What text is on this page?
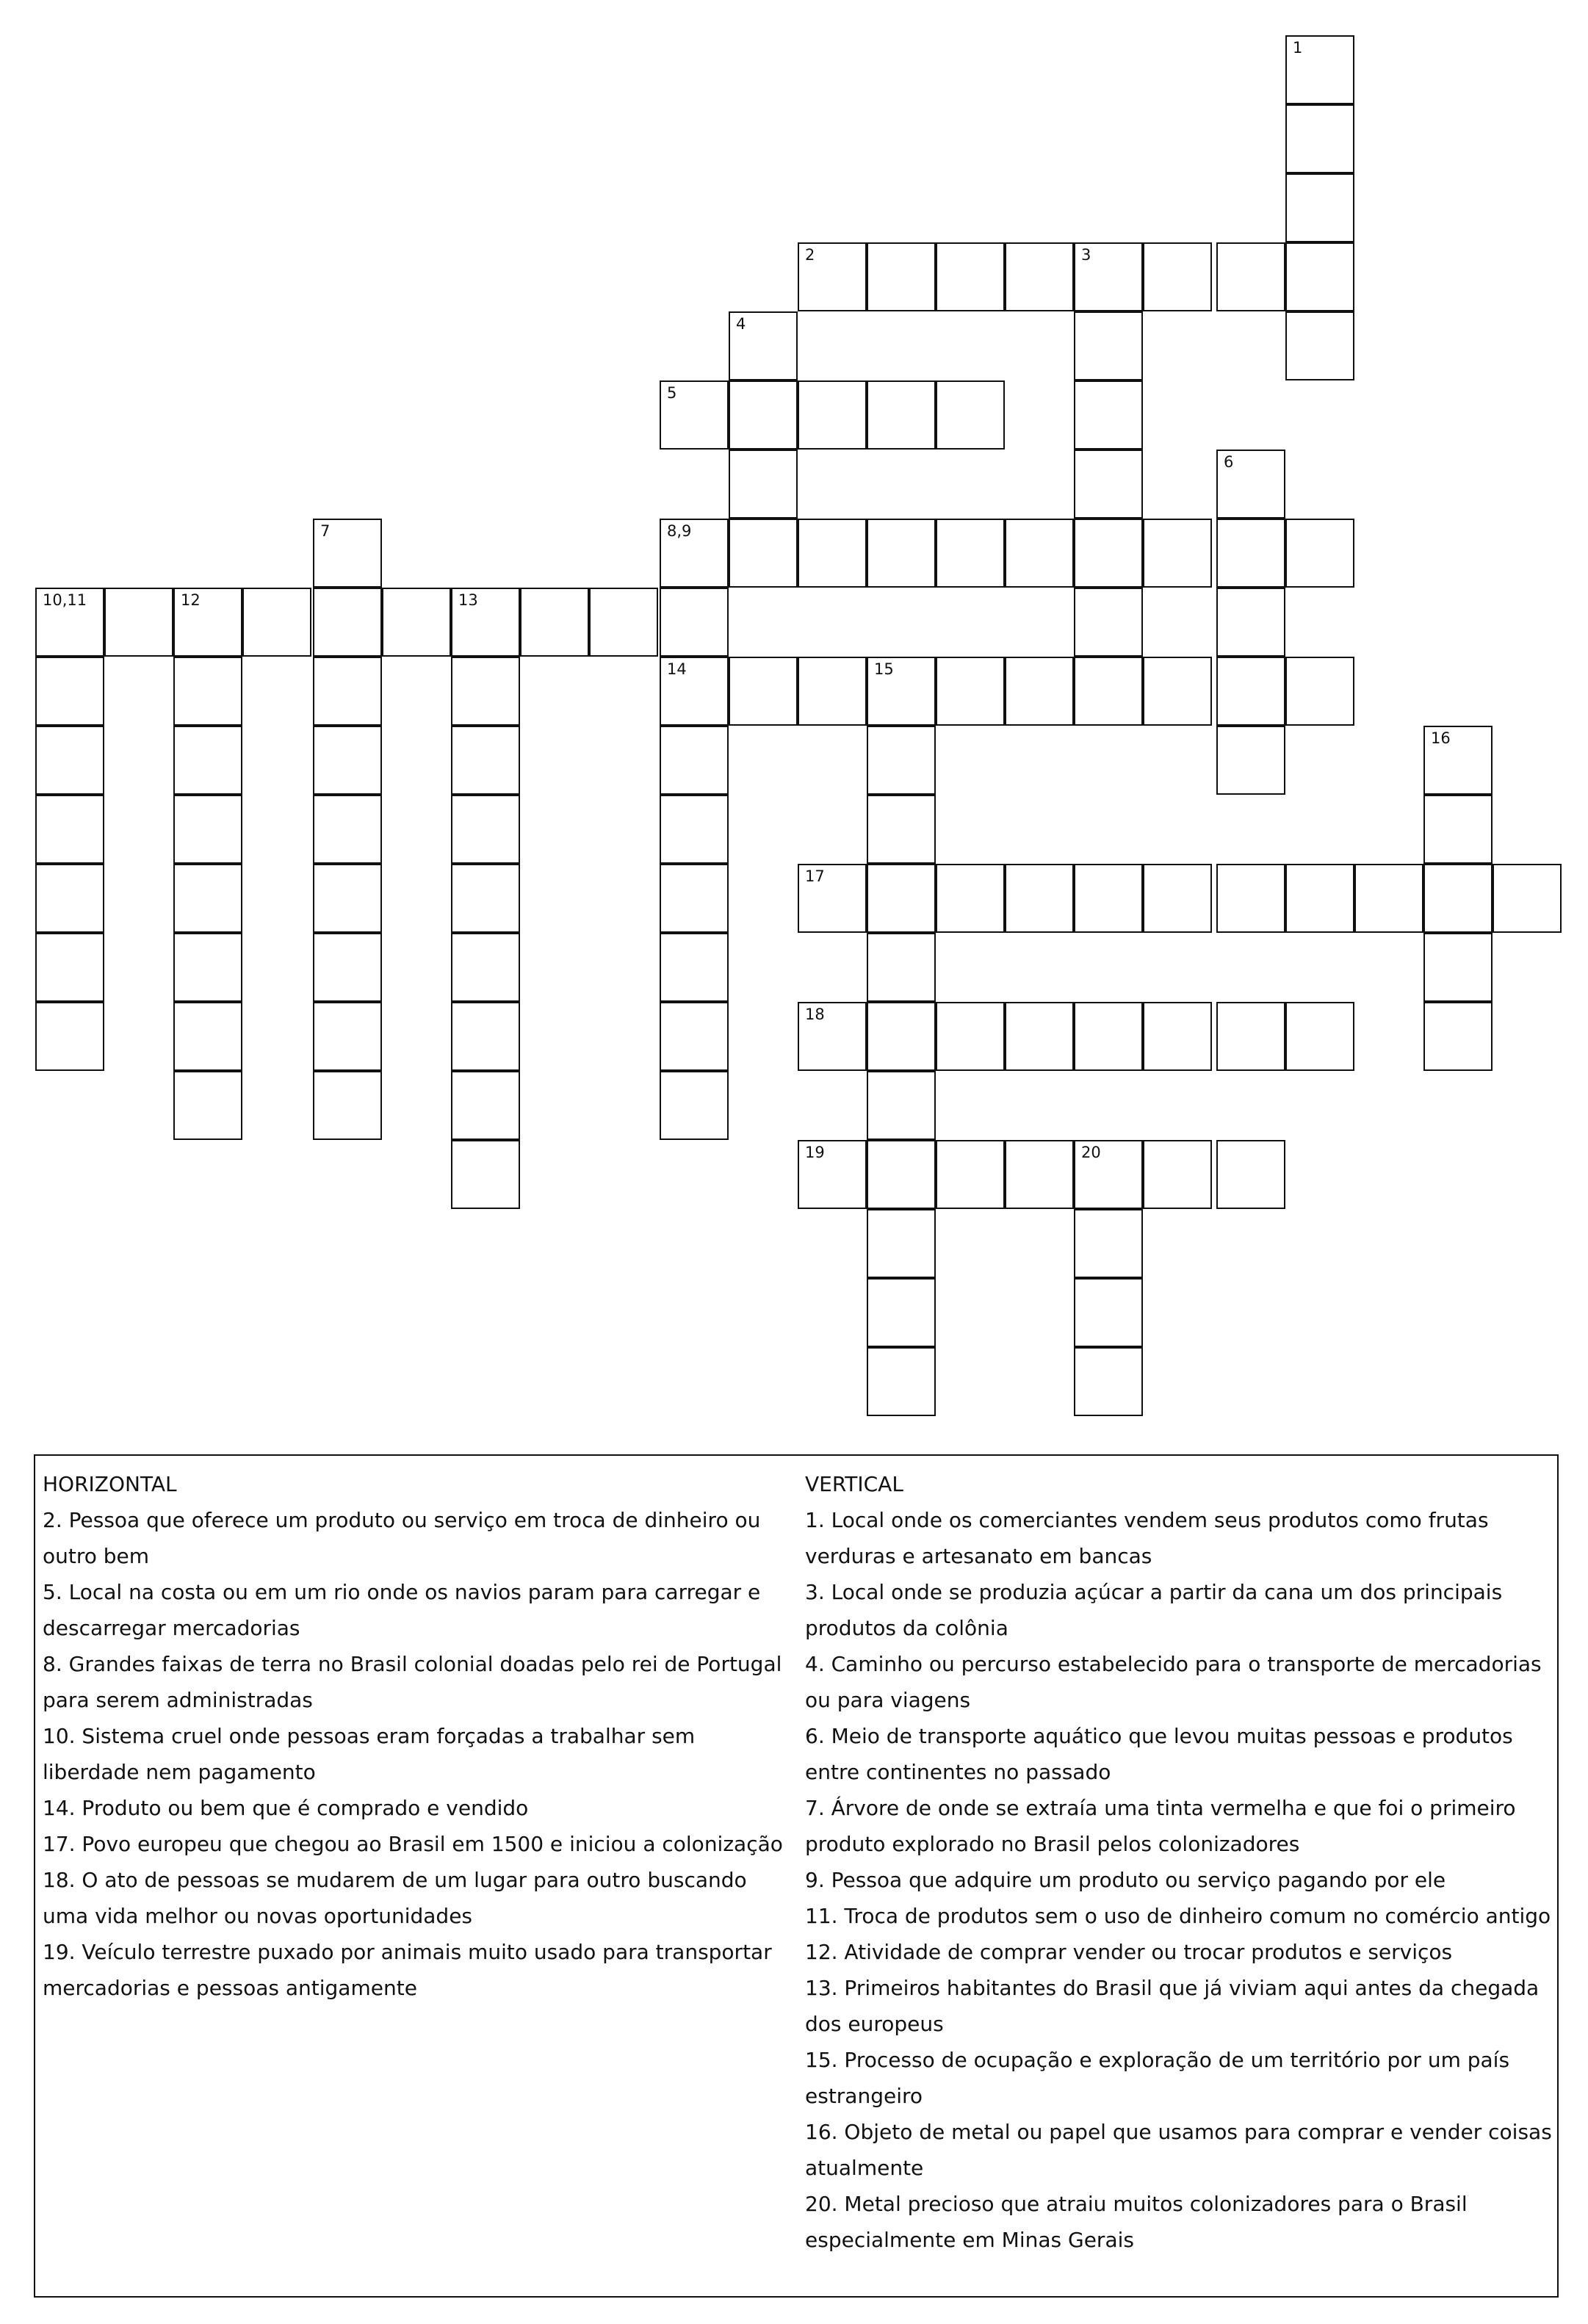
1
2	3
4
5
6
7	8,9
10,11	12	13
14	15
16
17
18
19	20
HORIZONTAL
2. Pessoa que oferece um produto ou serviço em troca de dinheiro ou outro bem
5. Local na costa ou em um rio onde os navios param para carregar e descarregar mercadorias
8. Grandes faixas de terra no Brasil colonial doadas pelo rei de Portugal para serem administradas
10. Sistema cruel onde pessoas eram forçadas a trabalhar sem liberdade nem pagamento
14. Produto ou bem que é comprado e vendido
17. Povo europeu que chegou ao Brasil em 1500 e iniciou a colonização
18. O ato de pessoas se mudarem de um lugar para outro buscando uma vida melhor ou novas oportunidades
19. Veículo terrestre puxado por animais muito usado para transportar mercadorias e pessoas antigamente
VERTICAL
1. Local onde os comerciantes vendem seus produtos como frutas verduras e artesanato em bancas
3. Local onde se produzia açúcar a partir da cana um dos principais produtos da colônia
4. Caminho ou percurso estabelecido para o transporte de mercadorias ou para viagens
6. Meio de transporte aquático que levou muitas pessoas e produtos entre continentes no passado
7. Árvore de onde se extraía uma tinta vermelha e que foi o primeiro produto explorado no Brasil pelos colonizadores
9. Pessoa que adquire um produto ou serviço pagando por ele
11. Troca de produtos sem o uso de dinheiro comum no comércio antigo
12. Atividade de comprar vender ou trocar produtos e serviços
13. Primeiros habitantes do Brasil que já viviam aqui antes da chegada dos europeus
15. Processo de ocupação e exploração de um território por um país estrangeiro
16. Objeto de metal ou papel que usamos para comprar e vender coisas atualmente
20. Metal precioso que atraiu muitos colonizadores para o Brasil especialmente em Minas Gerais
